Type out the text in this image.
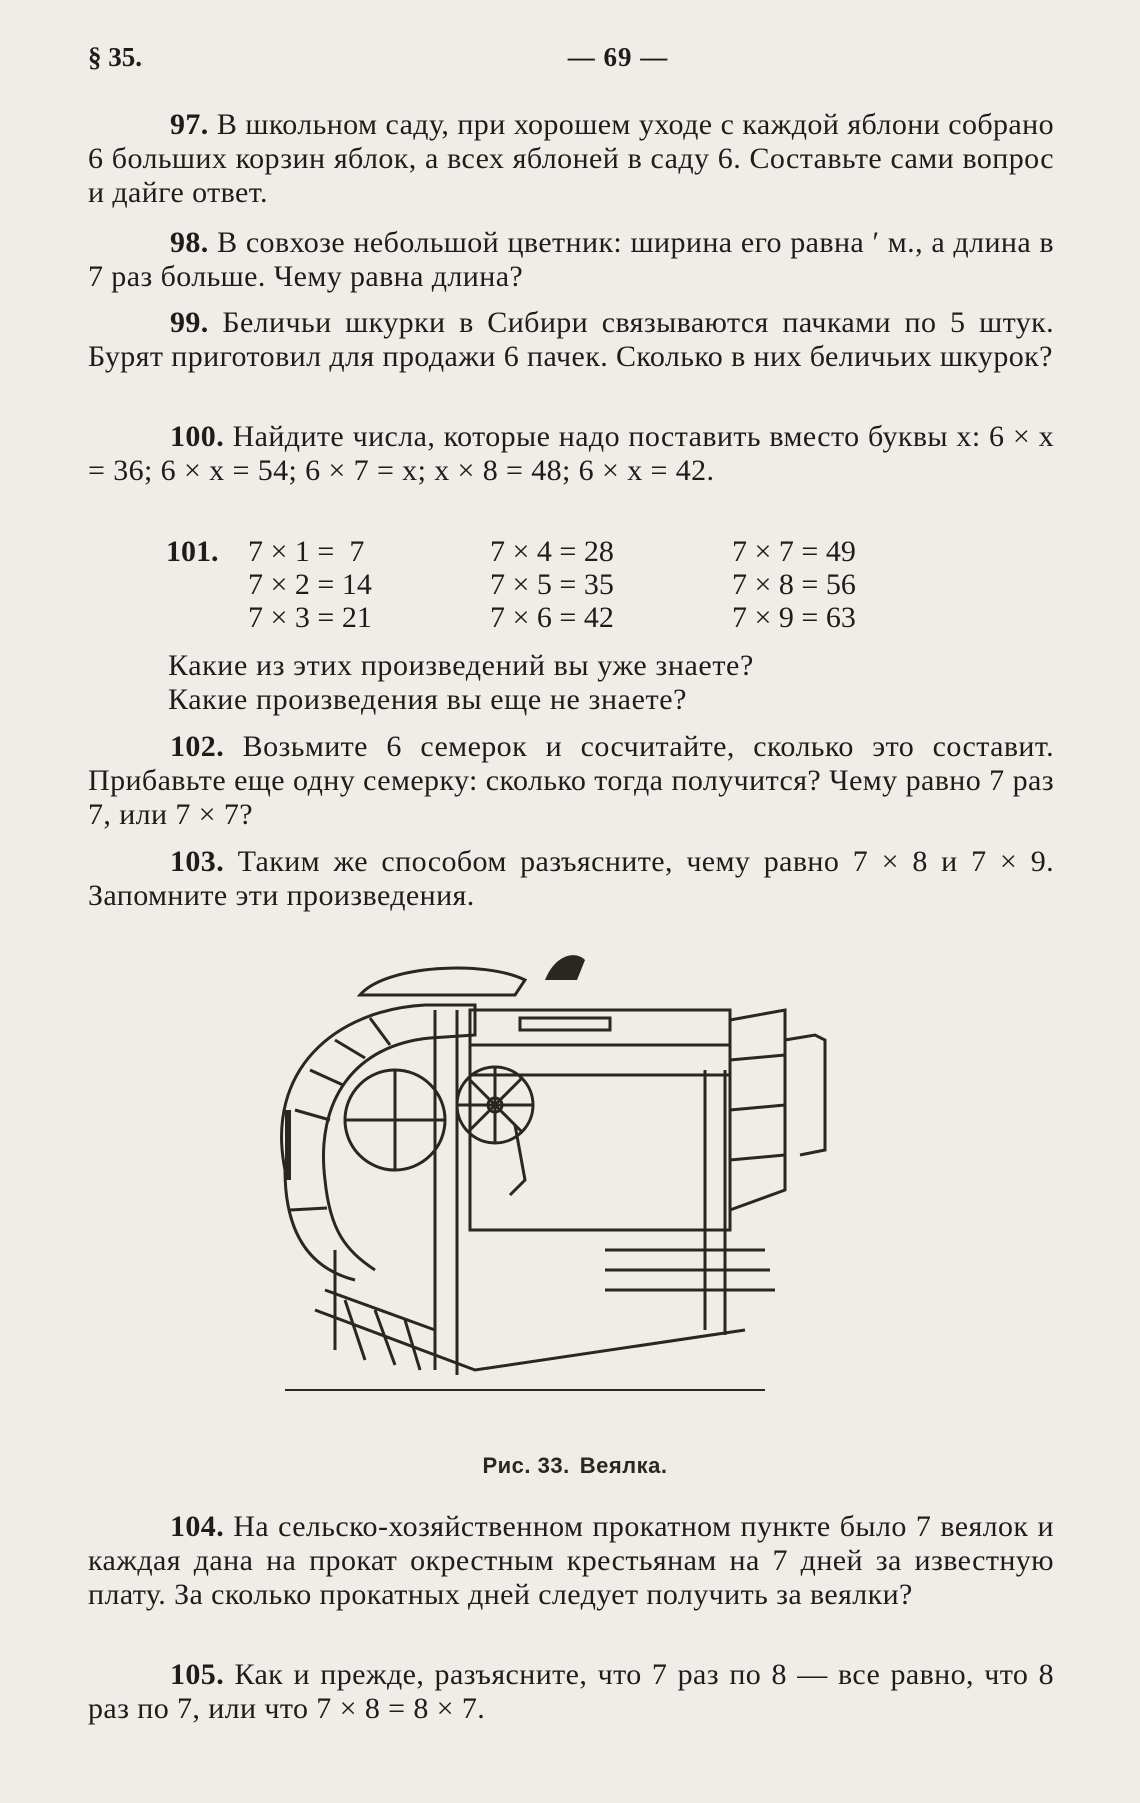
§ 35.	— 69 —
97. В школьном саду, при хорошем уходе с каждой яблони собрано 6 больших корзин яблок, а всех яблоней в саду 6. Составьте сами вопрос и дайге ответ.
98. В совхозе небольшой цветник: ширина его равна ʹ м., а длина в 7 раз больше. Чему равна длина?
99. Беличьи шкурки в Сибири связываются пачками по 5 штук. Бурят приготовил для продажи 6 пачек. Сколько в них беличьих шкурок?
100. Найдите числа, которые надо поставить вместо буквы x: 6 × x = 36; 6 × x = 54; 6 × 7 = x; x × 8 = 48; 6 × x = 42.
101. 7 × 1 =  7
7 × 2 = 14
7 × 3 = 21
7 × 4 = 28
7 × 5 = 35
7 × 6 = 42
7 × 7 = 49
7 × 8 = 56
7 × 9 = 63
Какие из этих произведений вы уже знаете?
Какие произведения вы еще не знаете?
102. Возьмите 6 семерок и сосчитайте, сколько это составит. Прибавьте еще одну семерку: сколько тогда получится? Чему равно 7 раз 7, или 7 × 7?
103. Таким же способом разъясните, чему равно 7 × 8 и 7 × 9. Запомните эти произведения.
Рис. 33. Веялка.
104. На сельско-хозяйственном прокатном пункте было 7 веялок и каждая дана на прокат окрестным крестьянам на 7 дней за известную плату. За сколько прокатных дней следует получить за веялки?
105. Как и прежде, разъясните, что 7 раз по 8 — все равно, что 8 раз по 7, или что 7 × 8 = 8 × 7.
